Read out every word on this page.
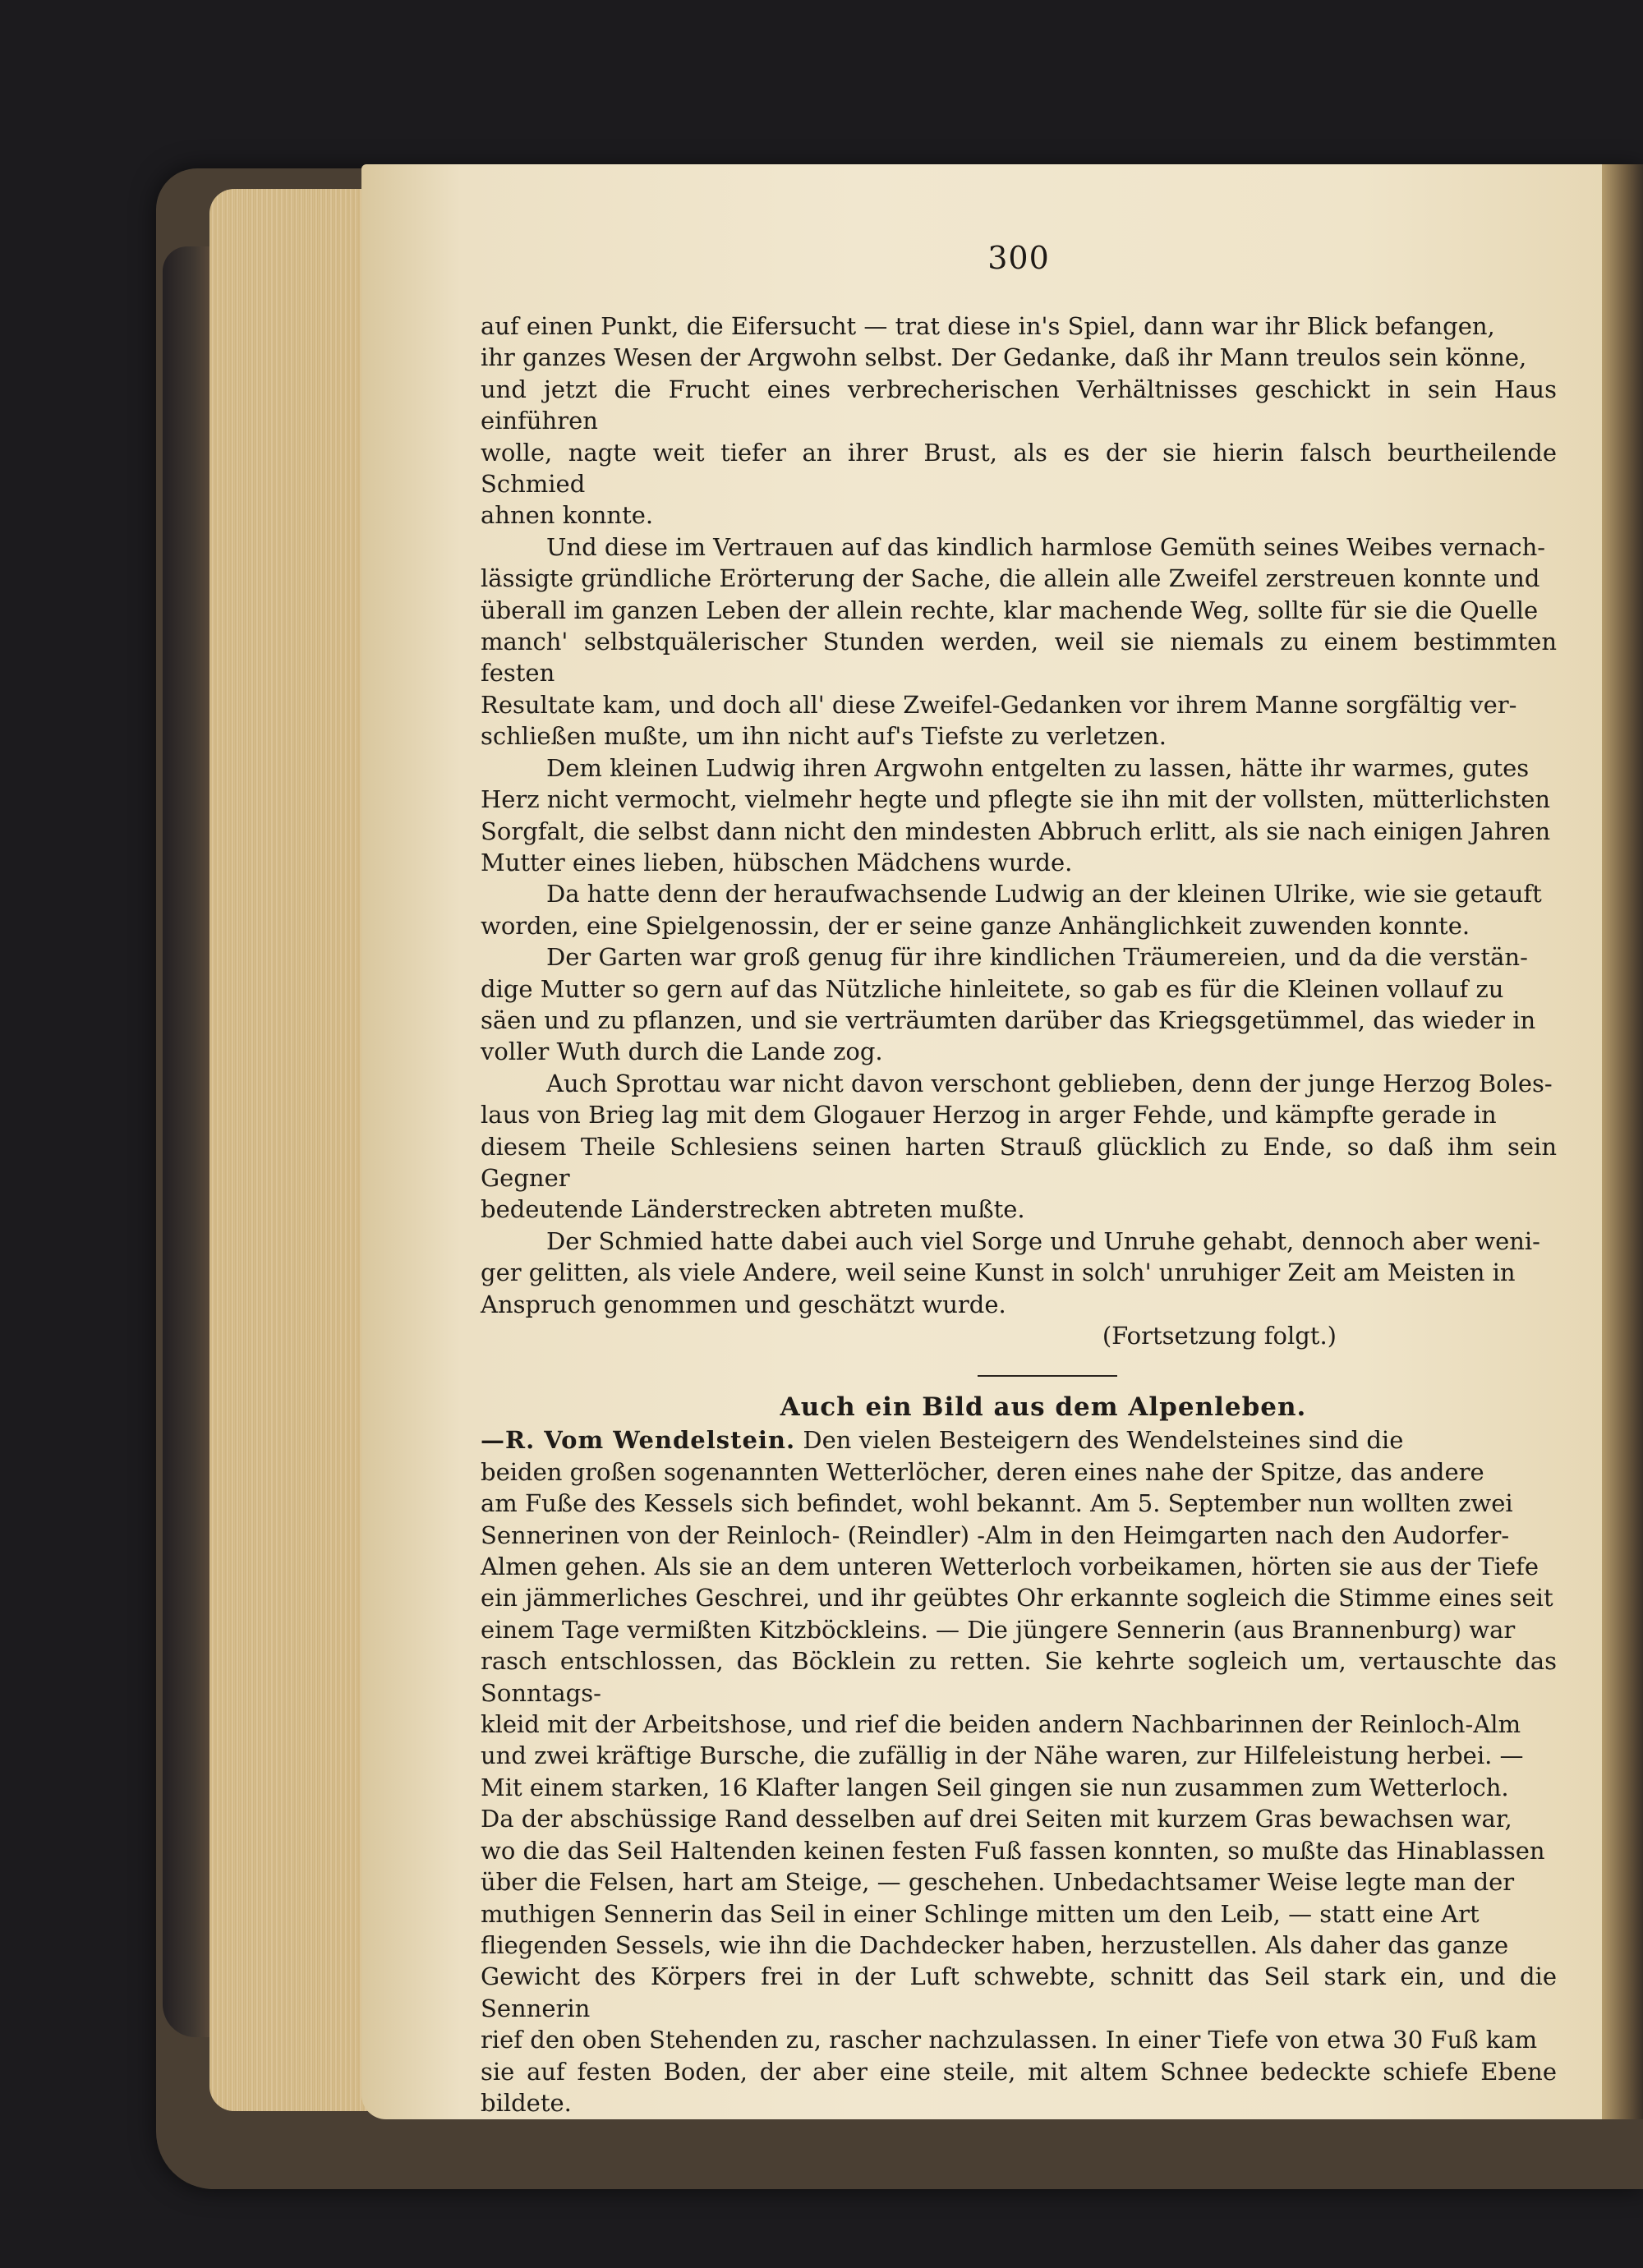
300

auf einen Punkt, die Eifersucht — trat diese in's Spiel, dann war ihr Blick befangen,
ihr ganzes Wesen der Argwohn selbst. Der Gedanke, daß ihr Mann treulos sein könne,
und jetzt die Frucht eines verbrecherischen Verhältnisses geschickt in sein Haus einführen
wolle, nagte weit tiefer an ihrer Brust, als es der sie hierin falsch beurtheilende Schmied
ahnen konnte.

Und diese im Vertrauen auf das kindlich harmlose Gemüth seines Weibes vernach-
lässigte gründliche Erörterung der Sache, die allein alle Zweifel zerstreuen konnte und
überall im ganzen Leben der allein rechte, klar machende Weg, sollte für sie die Quelle
manch' selbstquälerischer Stunden werden, weil sie niemals zu einem bestimmten festen
Resultate kam, und doch all' diese Zweifel-Gedanken vor ihrem Manne sorgfältig ver-
schließen mußte, um ihn nicht auf's Tiefste zu verletzen.

Dem kleinen Ludwig ihren Argwohn entgelten zu lassen, hätte ihr warmes, gutes
Herz nicht vermocht, vielmehr hegte und pflegte sie ihn mit der vollsten, mütterlichsten
Sorgfalt, die selbst dann nicht den mindesten Abbruch erlitt, als sie nach einigen Jahren
Mutter eines lieben, hübschen Mädchens wurde.

Da hatte denn der heraufwachsende Ludwig an der kleinen Ulrike, wie sie getauft
worden, eine Spielgenossin, der er seine ganze Anhänglichkeit zuwenden konnte.

Der Garten war groß genug für ihre kindlichen Träumereien, und da die verstän-
dige Mutter so gern auf das Nützliche hinleitete, so gab es für die Kleinen vollauf zu
säen und zu pflanzen, und sie verträumten darüber das Kriegsgetümmel, das wieder in
voller Wuth durch die Lande zog.

Auch Sprottau war nicht davon verschont geblieben, denn der junge Herzog Boles-
laus von Brieg lag mit dem Glogauer Herzog in arger Fehde, und kämpfte gerade in
diesem Theile Schlesiens seinen harten Strauß glücklich zu Ende, so daß ihm sein Gegner
bedeutende Länderstrecken abtreten mußte.

Der Schmied hatte dabei auch viel Sorge und Unruhe gehabt, dennoch aber weni-
ger gelitten, als viele Andere, weil seine Kunst in solch' unruhiger Zeit am Meisten in
Anspruch genommen und geschätzt wurde.

(Fortsetzung folgt.)

Auch ein Bild aus dem Alpenleben.

—R. Vom Wendelstein. Den vielen Besteigern des Wendelsteines sind die
beiden großen sogenannten Wetterlöcher, deren eines nahe der Spitze, das andere
am Fuße des Kessels sich befindet, wohl bekannt. Am 5. September nun wollten zwei
Sennerinen von der Reinloch- (Reindler) -Alm in den Heimgarten nach den Audorfer-
Almen gehen. Als sie an dem unteren Wetterloch vorbeikamen, hörten sie aus der Tiefe
ein jämmerliches Geschrei, und ihr geübtes Ohr erkannte sogleich die Stimme eines seit
einem Tage vermißten Kitzböckleins. — Die jüngere Sennerin (aus Brannenburg) war
rasch entschlossen, das Böcklein zu retten. Sie kehrte sogleich um, vertauschte das Sonntags-
kleid mit der Arbeitshose, und rief die beiden andern Nachbarinnen der Reinloch-Alm
und zwei kräftige Bursche, die zufällig in der Nähe waren, zur Hilfeleistung herbei. —
Mit einem starken, 16 Klafter langen Seil gingen sie nun zusammen zum Wetterloch.
Da der abschüssige Rand desselben auf drei Seiten mit kurzem Gras bewachsen war,
wo die das Seil Haltenden keinen festen Fuß fassen konnten, so mußte das Hinablassen
über die Felsen, hart am Steige, — geschehen. Unbedachtsamer Weise legte man der
muthigen Sennerin das Seil in einer Schlinge mitten um den Leib, — statt eine Art
fliegenden Sessels, wie ihn die Dachdecker haben, herzustellen. Als daher das ganze
Gewicht des Körpers frei in der Luft schwebte, schnitt das Seil stark ein, und die Sennerin
rief den oben Stehenden zu, rascher nachzulassen. In einer Tiefe von etwa 30 Fuß kam
sie auf festen Boden, der aber eine steile, mit altem Schnee bedeckte schiefe Ebene bildete.
